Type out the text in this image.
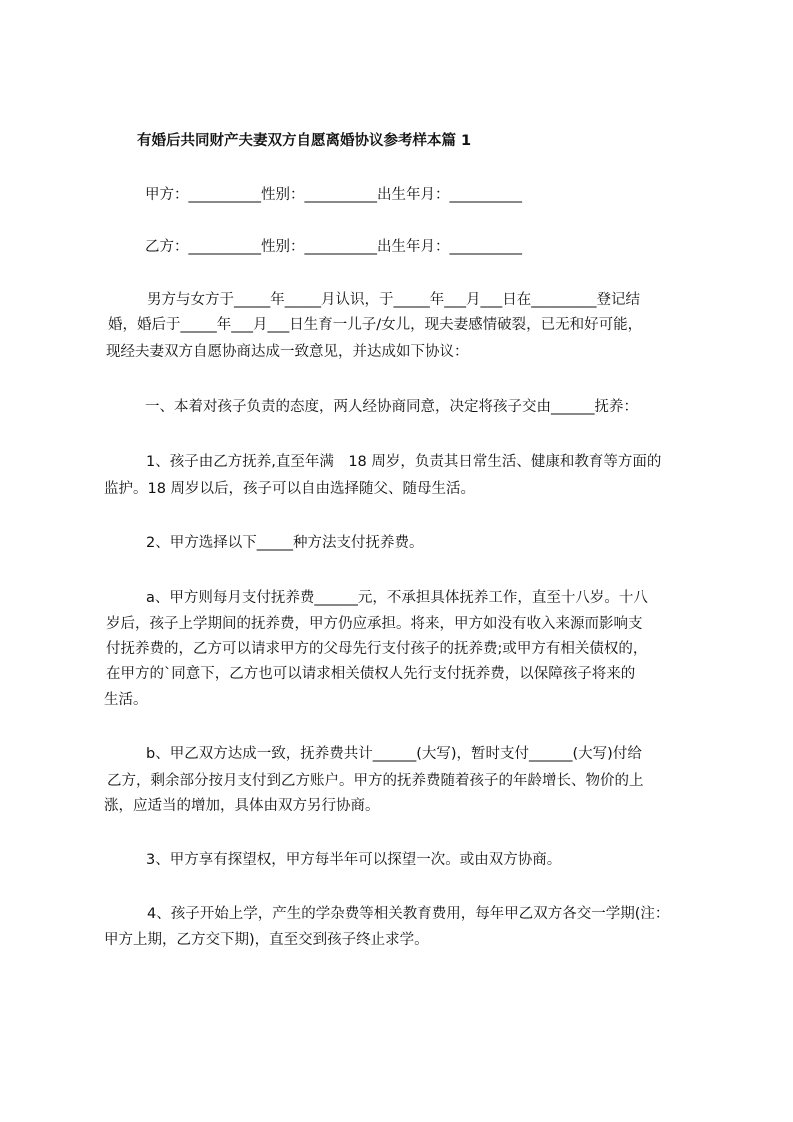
有婚后共同财产夫妻双方自愿离婚协议参考样本篇 1
甲方：__________性别：__________出生年月：__________
乙方：__________性别：__________出生年月：__________
男方与女方于_____年_____月认识，于_____年___月___日在_________登记结
婚，婚后于_____年___月___日生育一儿子/女儿，现夫妻感情破裂，已无和好可能，
现经夫妻双方自愿协商达成一致意见，并达成如下协议：
一、本着对孩子负责的态度，两人经协商同意，决定将孩子交由______抚养：
1、孩子由乙方抚养,直至年满　18 周岁，负责其日常生活、健康和教育等方面的
监护。18 周岁以后，孩子可以自由选择随父、随母生活。
2、甲方选择以下_____种方法支付抚养费。
a、甲方则每月支付抚养费______元，不承担具体抚养工作，直至十八岁。十八
岁后，孩子上学期间的抚养费，甲方仍应承担。将来，甲方如没有收入来源而影响支
付抚养费的，乙方可以请求甲方的父母先行支付孩子的抚养费;或甲方有相关债权的，
在甲方的`同意下，乙方也可以请求相关债权人先行支付抚养费，以保障孩子将来的
生活。
b、甲乙双方达成一致，抚养费共计______(大写)，暂时支付______(大写)付给
乙方，剩余部分按月支付到乙方账户。甲方的抚养费随着孩子的年龄增长、物价的上
涨，应适当的增加，具体由双方另行协商。
3、甲方享有探望权，甲方每半年可以探望一次。或由双方协商。
4、孩子开始上学，产生的学杂费等相关教育费用，每年甲乙双方各交一学期(注：
甲方上期，乙方交下期)，直至交到孩子终止求学。
